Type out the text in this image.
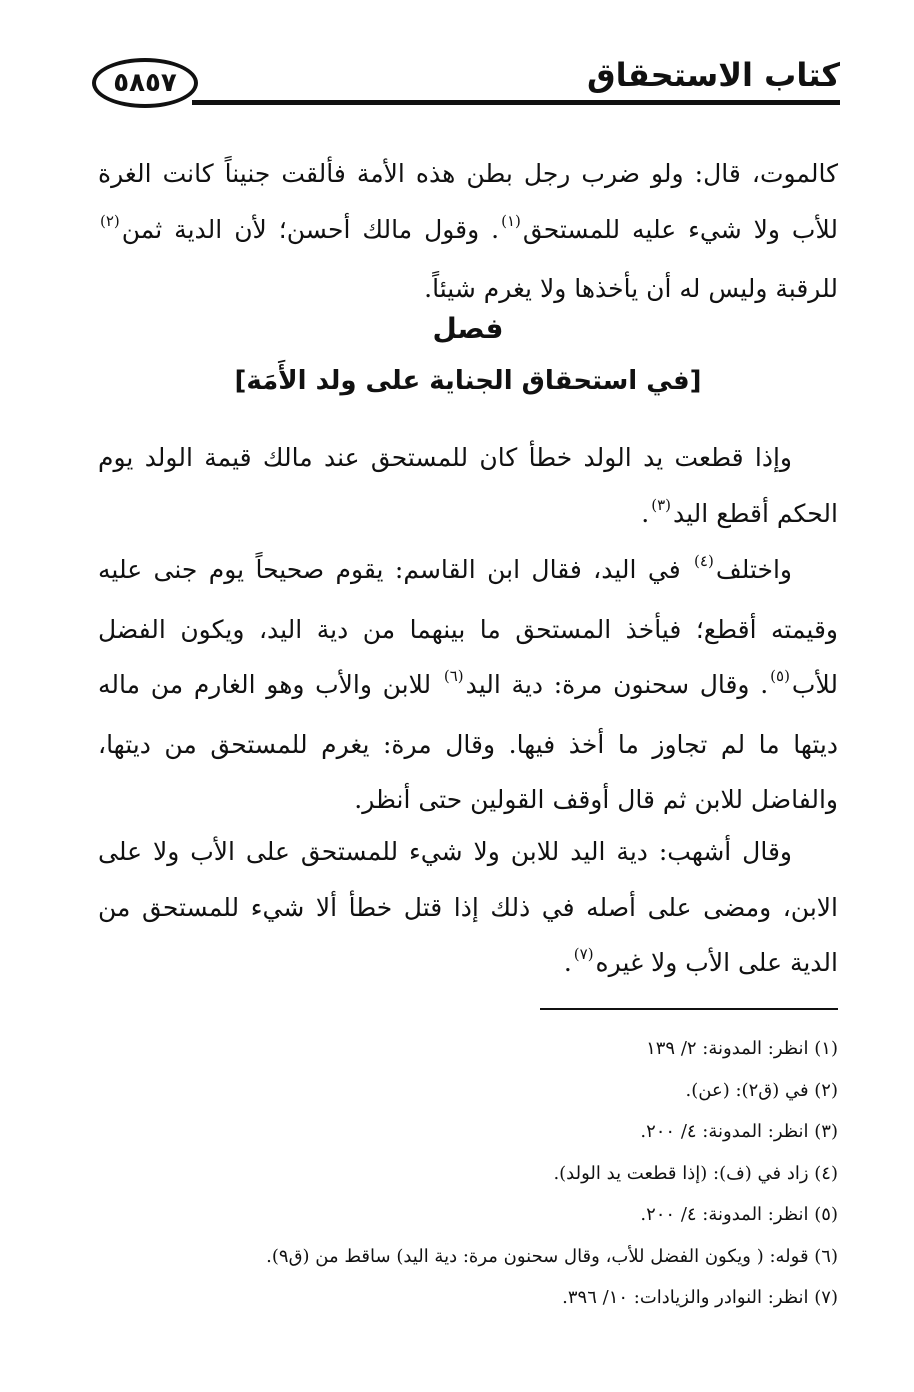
٥٨٥٧	كتاب الاستحقاق

كالموت، قال: ولو ضرب رجل بطن هذه الأمة فألقت جنيناً كانت الغرة للأب ولا شيء عليه للمستحق$^{(١)}$. وقول مالك أحسن؛ لأن الدية ثمن$^{(٢)}$ للرقبة وليس له أن يأخذها ولا يغرم شيئاً.

فصل
[في استحقاق الجناية على ولد الأَمَة]

وإذا قطعت يد الولد خطأ كان للمستحق عند مالك قيمة الولد يوم الحكم أقطع اليد$^{(٣)}$.

واختلف$^{(٤)}$ في اليد، فقال ابن القاسم: يقوم صحيحاً يوم جنى عليه وقيمته أقطع؛ فيأخذ المستحق ما بينهما من دية اليد، ويكون الفضل للأب$^{(٥)}$. وقال سحنون مرة: دية اليد$^{(٦)}$ للابن والأب وهو الغارم من ماله ديتها ما لم تجاوز ما أخذ فيها. وقال مرة: يغرم للمستحق من ديتها، والفاضل للابن ثم قال أوقف القولين حتى أنظر.

وقال أشهب: دية اليد للابن ولا شيء للمستحق على الأب ولا على الابن، ومضى على أصله في ذلك إذا قتل خطأ ألا شيء للمستحق من الدية على الأب ولا غيره$^{(٧)}$.

(١) انظر: المدونة: ٢/ ١٣٩

(٢) في (ق٢): (عن).

(٣) انظر: المدونة: ٤/ ٢٠٠.

(٤) زاد في (ف): (إذا قطعت يد الولد).

(٥) انظر: المدونة: ٤/ ٢٠٠.

(٦) قوله: ( ويكون الفضل للأب، وقال سحنون مرة: دية اليد) ساقط من (ق٩).

(٧) انظر: النوادر والزيادات: ١٠/ ٣٩٦.
